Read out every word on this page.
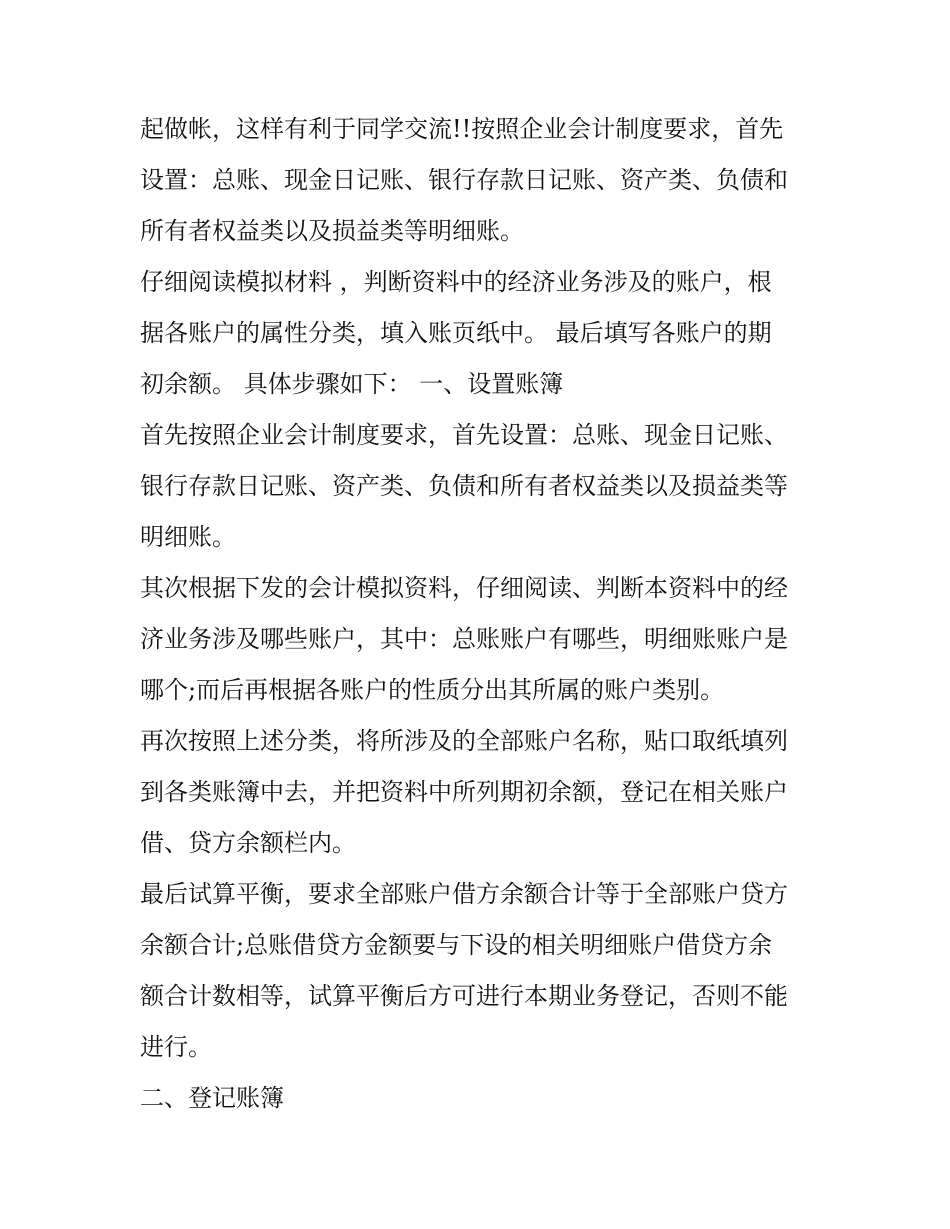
起做帐，这样有利于同学交流!!按照企业会计制度要求，首先
设置：总账、现金日记账、银行存款日记账、资产类、负债和
所有者权益类以及损益类等明细账。
仔细阅读模拟材料 ，判断资料中的经济业务涉及的账户，根
据各账户的属性分类，填入账页纸中。 最后填写各账户的期
初余额。 具体步骤如下： 一、设置账簿
首先按照企业会计制度要求，首先设置：总账、现金日记账、
银行存款日记账、资产类、负债和所有者权益类以及损益类等
明细账。
其次根据下发的会计模拟资料，仔细阅读、判断本资料中的经
济业务涉及哪些账户，其中：总账账户有哪些，明细账账户是
哪个;而后再根据各账户的性质分出其所属的账户类别。
再次按照上述分类，将所涉及的全部账户名称，贴口取纸填列
到各类账簿中去，并把资料中所列期初余额，登记在相关账户
借、贷方余额栏内。
最后试算平衡，要求全部账户借方余额合计等于全部账户贷方
余额合计;总账借贷方金额要与下设的相关明细账户借贷方余
额合计数相等，试算平衡后方可进行本期业务登记，否则不能
进行。
二、登记账簿
